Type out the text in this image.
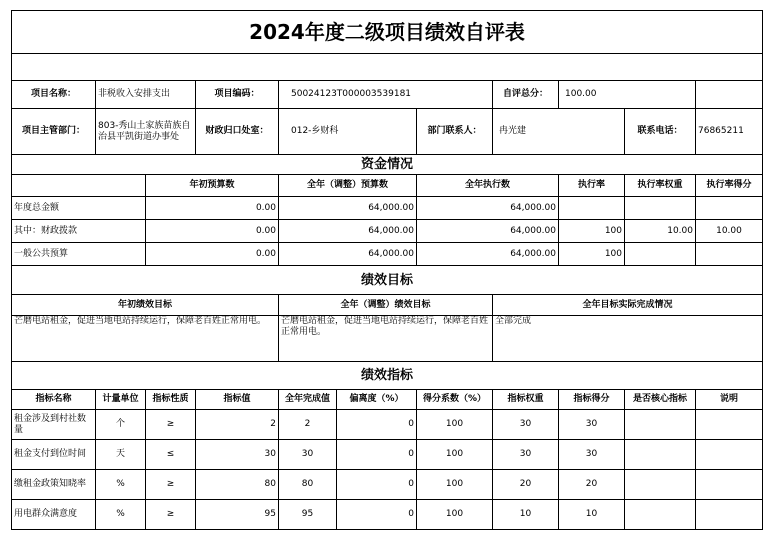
2024年度二级项目绩效自评表										

项目名称：	非税收入安排支出		项目编码：	50024123T000003539181			自评总分：	100.00		
项目主管部门：	803-秀山土家族苗族自治县平凯街道办事处		财政归口处室：	012-乡财科		部门联系人：	冉光建		联系电话：	76865211
资金情况										
		年初预算数		全年（调整）预算数		全年执行数		执行率	执行率权重	执行率得分
年度总金额		0.00		64,000.00		64,000.00				
其中：财政拨款		0.00		64,000.00		64,000.00		100	10.00	10.00
一般公共预算		0.00		64,000.00		64,000.00		100		
绩效目标										
年初绩效目标				全年（调整）绩效目标			全年目标实际完成情况			
芒磨电站租金，促进当地电站持续运行，保障老百姓正常用电。				芒磨电站租金，促进当地电站持续运行，保障老百姓正常用电。			全部完成			
绩效指标										
指标名称	计量单位	指标性质	指标值	全年完成值	偏离度（%）	得分系数（%）	指标权重	指标得分	是否核心指标	说明
租金涉及到村社数量	个	≥	2	2	0	100	30	30		
租金支付到位时间	天	≤	30	30	0	100	30	30		
缴租金政策知晓率	%	≥	80	80	0	100	20	20		
用电群众满意度	%	≥	95	95	0	100	10	10		
